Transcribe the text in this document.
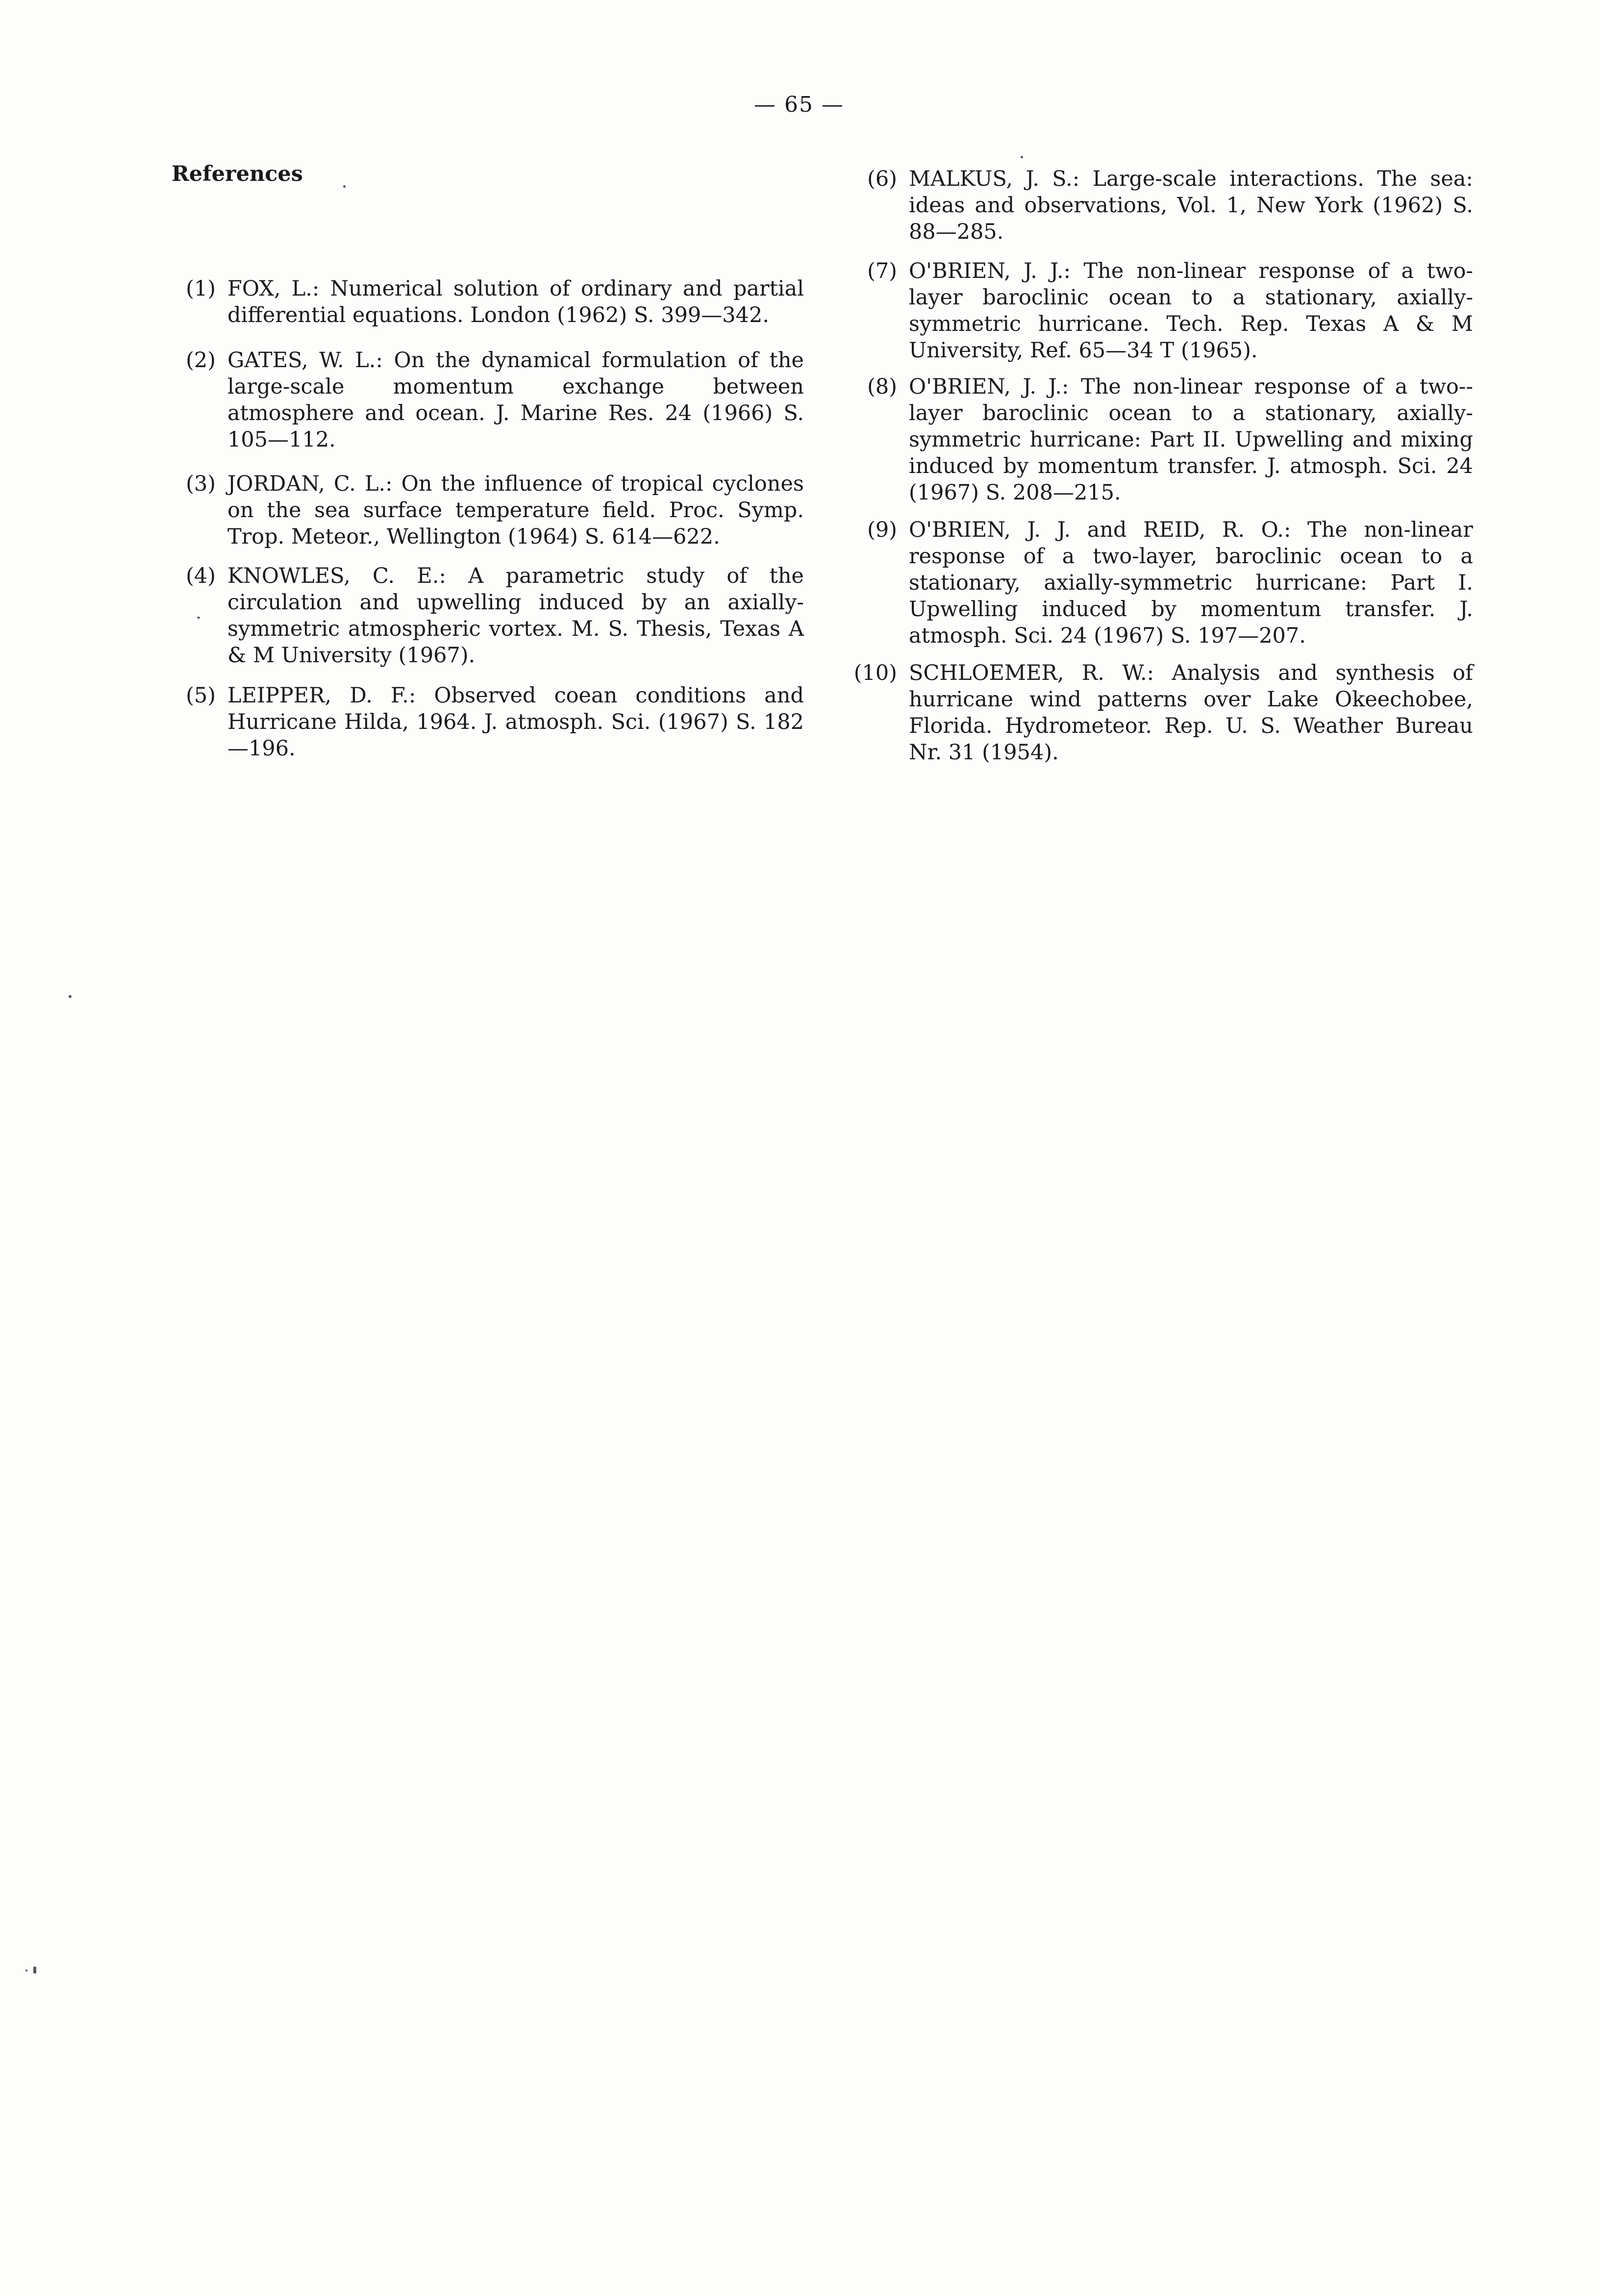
— 65 —
References
(1) FOX, L.: Numerical solution of ordinary and partial differential equations. London (1962) S. 399—342.
(2) GATES, W. L.: On the dynamical formulation of the large-scale momentum exchange between atmosphere and ocean. J. Marine Res. 24 (1966) S. 105—112.
(3) JORDAN, C. L.: On the influence of tropical cyclones on the sea surface temperature field. Proc. Symp. Trop. Meteor., Wellington (1964) S. 614—622.
(4) KNOWLES, C. E.: A parametric study of the circulation and upwelling induced by an axially-symmetric atmospheric vortex. M. S. Thesis, Texas A & M University (1967).
(5) LEIPPER, D. F.: Observed coean conditions and Hurricane Hilda, 1964. J. atmosph. Sci. (1967) S. 182—196.
(6) MALKUS, J. S.: Large-scale interactions. The sea: ideas and observations, Vol. 1, New York (1962) S. 88—285.
(7) O'BRIEN, J. J.: The non-linear response of a two-layer baroclinic ocean to a stationary, axially-symmetric hurricane. Tech. Rep. Texas A & M University, Ref. 65—34 T (1965).
(8) O'BRIEN, J. J.: The non-linear response of a two--layer baroclinic ocean to a stationary, axially-symmetric hurricane: Part II. Upwelling and mixing induced by momentum transfer. J. atmosph. Sci. 24 (1967) S. 208—215.
(9) O'BRIEN, J. J. and REID, R. O.: The non-linear response of a two-layer, baroclinic ocean to a stationary, axially-symmetric hurricane: Part I. Upwelling induced by momentum transfer. J. atmosph. Sci. 24 (1967) S. 197—207.
(10) SCHLOEMER, R. W.: Analysis and synthesis of hurricane wind patterns over Lake Okeechobee, Florida. Hydrometeor. Rep. U. S. Weather Bureau Nr. 31 (1954).
